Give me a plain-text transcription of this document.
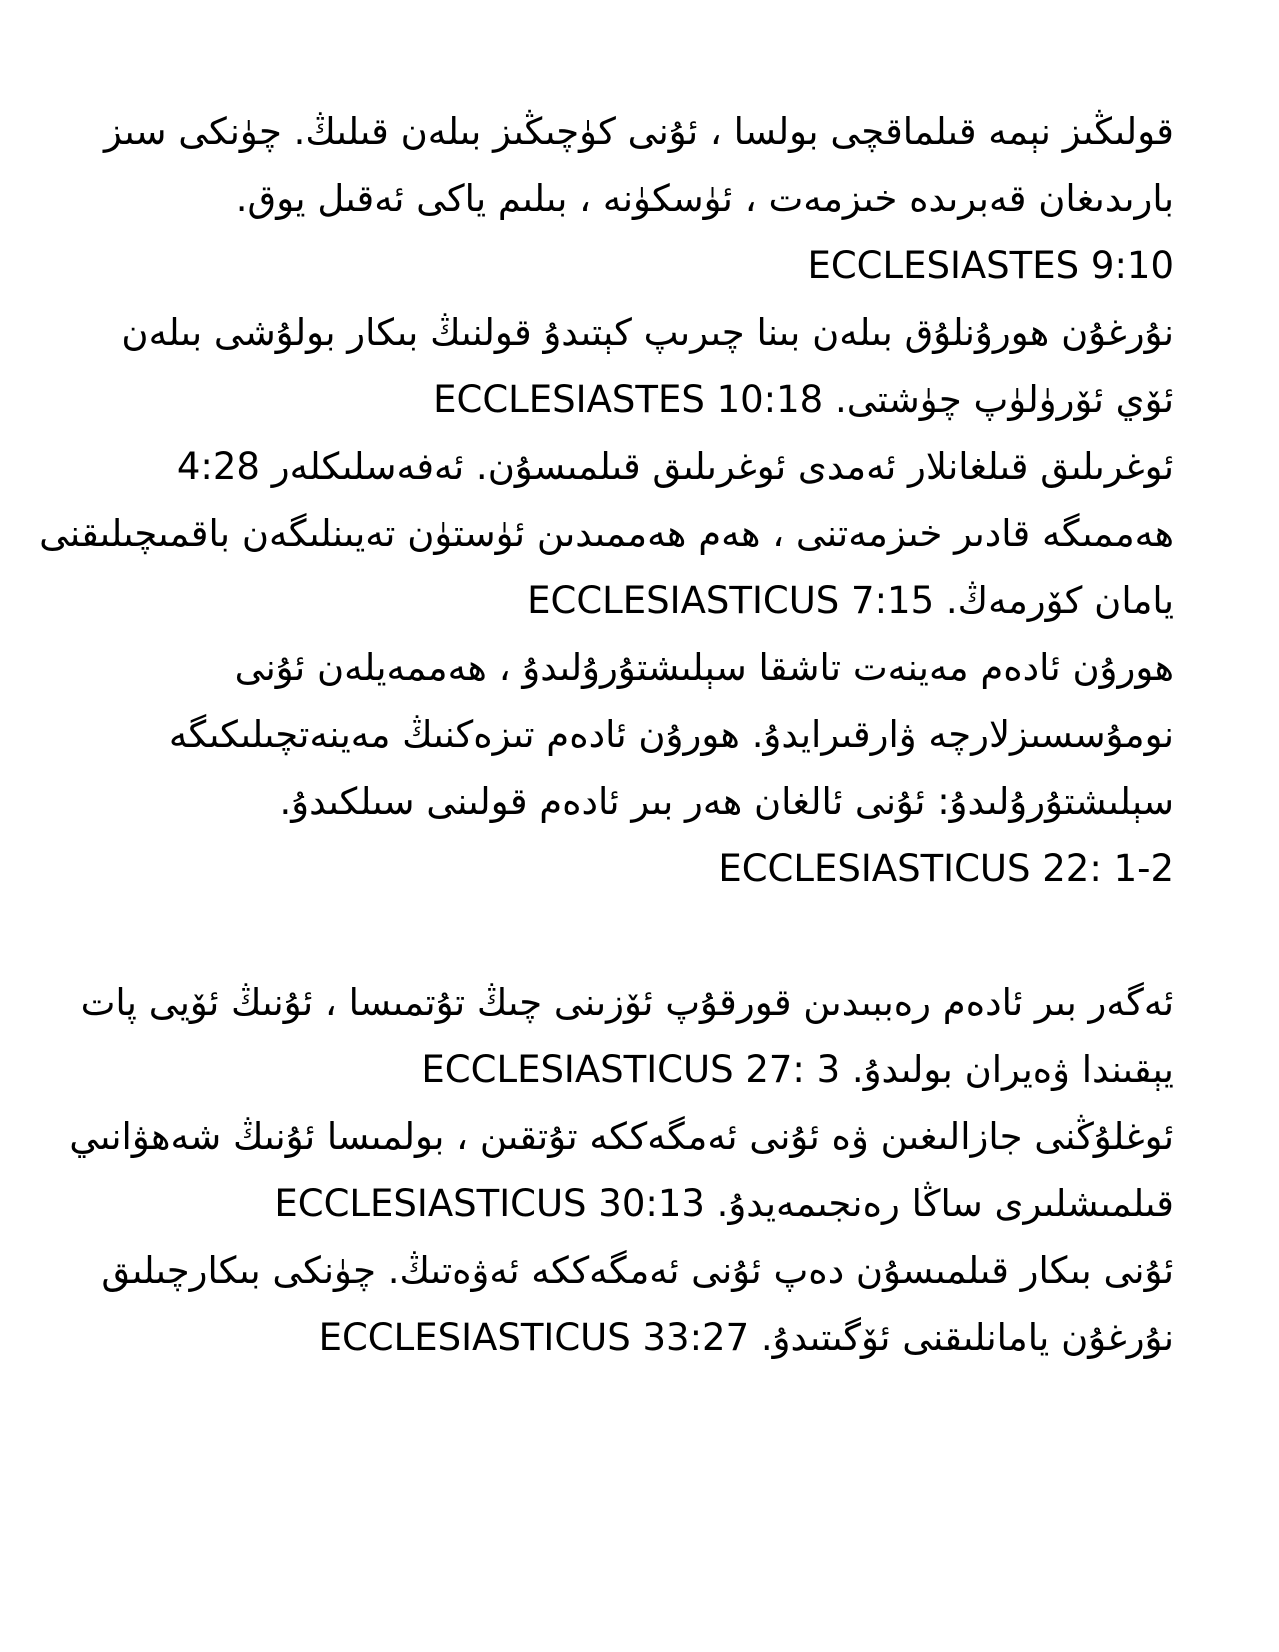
قولىڭىز نېمە قىلماقچى بولسا ، ئۇنى كۈچىڭىز بىلەن قىلىڭ. چۈنكى سىز
بارىدىغان قەبرىدە خىزمەت ، ئۈسكۈنە ، بىلىم ياكى ئەقىل يوق.
ECCLESIASTES 9:10
نۇرغۇن ھورۇنلۇق بىلەن بىنا چىرىپ كېتىدۇ قولنىڭ بىكار بولۇشى بىلەن
ئۆي ئۆرۈلۈپ چۈشتى. ECCLESIASTES 10:18
ئوغرىلىق قىلغانلار ئەمدى ئوغرىلىق قىلمىسۇن. ئەفەسلىكلەر 4:28
ھەممىگە قادىر خىزمەتنى ، ھەم ھەممىدىن ئۈستۈن تەيىنلىگەن باقمىچىلىقنى
يامان كۆرمەڭ. ECCLESIASTICUS 7:15
ھورۇن ئادەم مەينەت تاشقا سېلىشتۇرۇلىدۇ ، ھەممەيلەن ئۇنى
نومۇسسىزلارچە ۋارقىرايدۇ. ھورۇن ئادەم تىزەكنىڭ مەينەتچىلىكىگە
سېلىشتۇرۇلىدۇ: ئۇنى ئالغان ھەر بىر ئادەم قولىنى سىلكىدۇ.
ECCLESIASTICUS 22: 1-2
ئەگەر بىر ئادەم رەببىدىن قورقۇپ ئۆزىنى چىڭ تۇتمىسا ، ئۇنىڭ ئۆيى پات
يېقىندا ۋەيران بولىدۇ. ECCLESIASTICUS 27: 3
ئوغلۇڭنى جازالىغىن ۋە ئۇنى ئەمگەككە تۇتقىن ، بولمىسا ئۇنىڭ شەھۋانىي
قىلمىشلىرى ساڭا رەنجىمەيدۇ. ECCLESIASTICUS 30:13
ئۇنى بىكار قىلمىسۇن دەپ ئۇنى ئەمگەككە ئەۋەتىڭ. چۈنكى بىكارچىلىق
نۇرغۇن يامانلىقنى ئۆگىتىدۇ. ECCLESIASTICUS 33:27
